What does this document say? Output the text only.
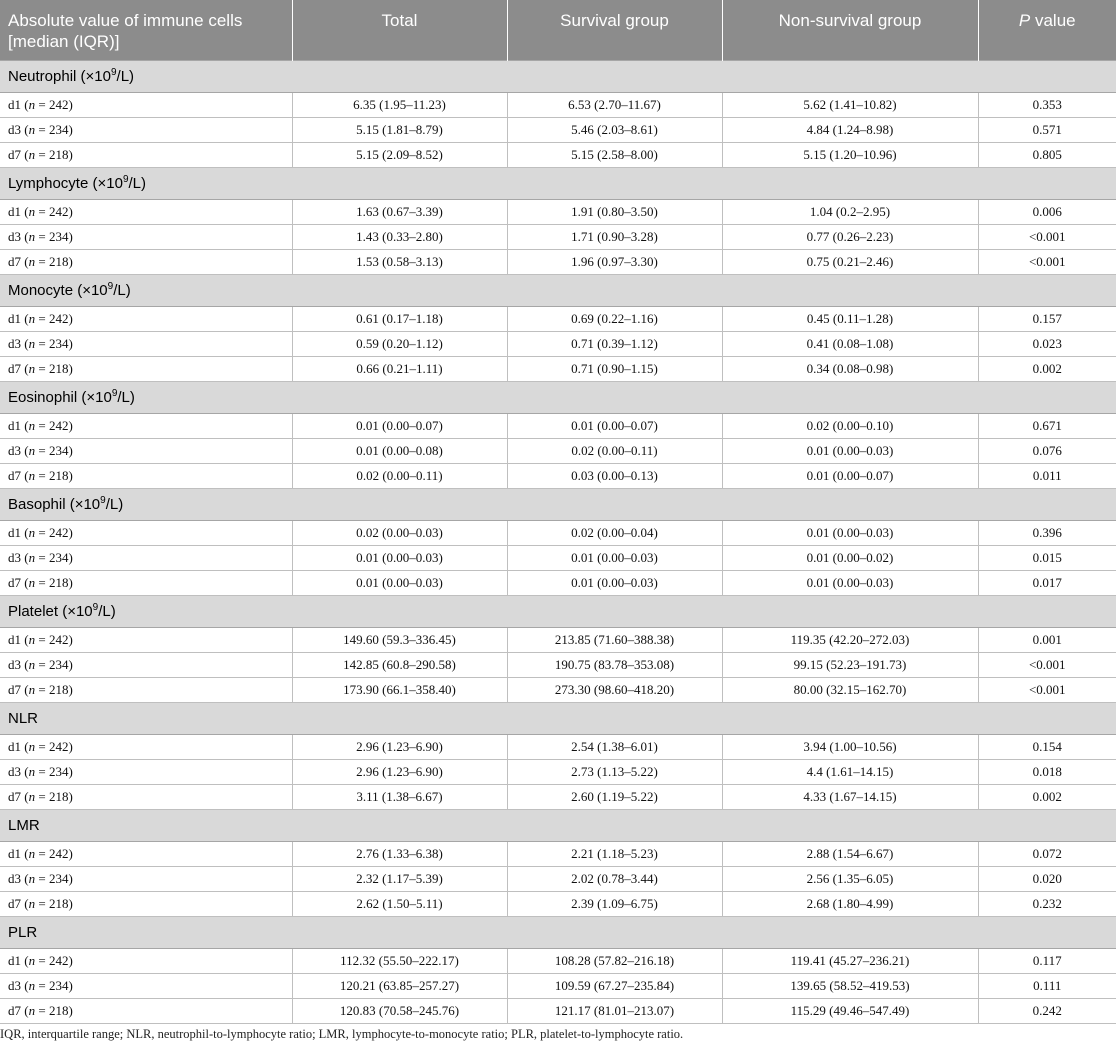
Absolute value of immune cells [median (IQR)]	Total	Survival group	Non-survival group	P value
Neutrophil $(\times 10^9/L)$				
d1 (n = 242)	6.35 (1.95–11.23)	6.53 (2.70–11.67)	5.62 (1.41–10.82)	0.353
d3 (n = 234)	5.15 (1.81–8.79)	5.46 (2.03–8.61)	4.84 (1.24–8.98)	0.571
d7 (n = 218)	5.15 (2.09–8.52)	5.15 (2.58–8.00)	5.15 (1.20–10.96)	0.805
Lymphocyte $(\times 10^9/L)$				
d1 (n = 242)	1.63 (0.67–3.39)	1.91 (0.80–3.50)	1.04 (0.2–2.95)	0.006
d3 (n = 234)	1.43 (0.33–2.80)	1.71 (0.90–3.28)	0.77 (0.26–2.23)	<0.001
d7 (n = 218)	1.53 (0.58–3.13)	1.96 (0.97–3.30)	0.75 (0.21–2.46)	<0.001
Monocyte $(\times 10^9/L)$				
d1 (n = 242)	0.61 (0.17–1.18)	0.69 (0.22–1.16)	0.45 (0.11–1.28)	0.157
d3 (n = 234)	0.59 (0.20–1.12)	0.71 (0.39–1.12)	0.41 (0.08–1.08)	0.023
d7 (n = 218)	0.66 (0.21–1.11)	0.71 (0.90–1.15)	0.34 (0.08–0.98)	0.002
Eosinophil $(\times 10^9/L)$				
d1 (n = 242)	0.01 (0.00–0.07)	0.01 (0.00–0.07)	0.02 (0.00–0.10)	0.671
d3 (n = 234)	0.01 (0.00–0.08)	0.02 (0.00–0.11)	0.01 (0.00–0.03)	0.076
d7 (n = 218)	0.02 (0.00–0.11)	0.03 (0.00–0.13)	0.01 (0.00–0.07)	0.011
Basophil $(\times 10^9/L)$				
d1 (n = 242)	0.02 (0.00–0.03)	0.02 (0.00–0.04)	0.01 (0.00–0.03)	0.396
d3 (n = 234)	0.01 (0.00–0.03)	0.01 (0.00–0.03)	0.01 (0.00–0.02)	0.015
d7 (n = 218)	0.01 (0.00–0.03)	0.01 (0.00–0.03)	0.01 (0.00–0.03)	0.017
Platelet $(\times 10^9/L)$				
d1 (n = 242)	149.60 (59.3–336.45)	213.85 (71.60–388.38)	119.35 (42.20–272.03)	0.001
d3 (n = 234)	142.85 (60.8–290.58)	190.75 (83.78–353.08)	99.15 (52.23–191.73)	<0.001
d7 (n = 218)	173.90 (66.1–358.40)	273.30 (98.60–418.20)	80.00 (32.15–162.70)	<0.001
NLR				
d1 (n = 242)	2.96 (1.23–6.90)	2.54 (1.38–6.01)	3.94 (1.00–10.56)	0.154
d3 (n = 234)	2.96 (1.23–6.90)	2.73 (1.13–5.22)	4.4 (1.61–14.15)	0.018
d7 (n = 218)	3.11 (1.38–6.67)	2.60 (1.19–5.22)	4.33 (1.67–14.15)	0.002
LMR				
d1 (n = 242)	2.76 (1.33–6.38)	2.21 (1.18–5.23)	2.88 (1.54–6.67)	0.072
d3 (n = 234)	2.32 (1.17–5.39)	2.02 (0.78–3.44)	2.56 (1.35–6.05)	0.020
d7 (n = 218)	2.62 (1.50–5.11)	2.39 (1.09–6.75)	2.68 (1.80–4.99)	0.232
PLR				
d1 (n = 242)	112.32 (55.50–222.17)	108.28 (57.82–216.18)	119.41 (45.27–236.21)	0.117
d3 (n = 234)	120.21 (63.85–257.27)	109.59 (67.27–235.84)	139.65 (58.52–419.53)	0.111
d7 (n = 218)	120.83 (70.58–245.76)	121.17 (81.01–213.07)	115.29 (49.46–547.49)	0.242
IQR, interquartile range; NLR, neutrophil-to-lymphocyte ratio; LMR, lymphocyte-to-monocyte ratio; PLR, platelet-to-lymphocyte ratio.
